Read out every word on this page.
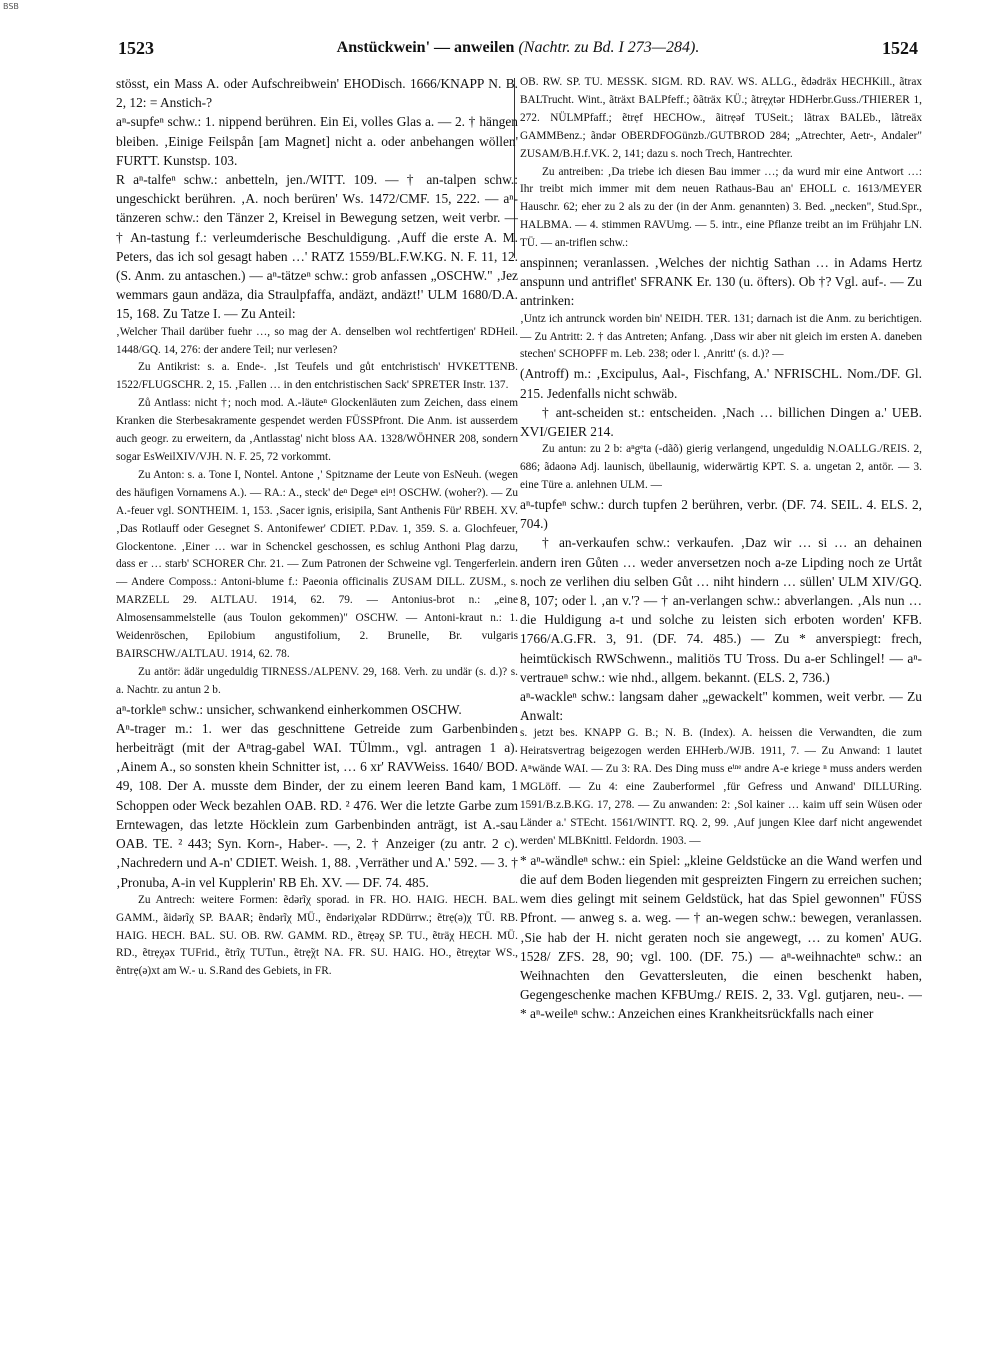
BSB
1523	Anstückwein' — anweilen (Nachtr. zu Bd. I 273—284).	1524

stösst, ein Mass A. oder Aufschreibwein' EHODisch. 1666/KNAPP N. B. 2, 12: = Anstich-?

aⁿ-supfeⁿ schw.: 1. nippend berühren. Ein Ei, volles Glas a. — 2. † hängen bleiben. ‚Einige Feilspån [am Magnet] nicht a. oder anbehangen wöllen' FURTT. Kunstsp. 103.

R aⁿ-talfeⁿ schw.: anbetteln, jen./WITT. 109. — † an-talpen schw.: ungeschickt berühren. ‚A. noch berüren' Ws. 1472/CMF. 15, 222. — aⁿ-tänzeren schw.: den Tänzer 2, Kreisel in Bewegung setzen, weit verbr. — † An-tastung f.: verleumderische Beschuldigung. ‚Auff die erste A. M. Peters, das ich sol gesagt haben …' RATZ 1559/BL.F.W.KG. N. F. 11, 12. (S. Anm. zu antaschen.) — aⁿ-tätzeⁿ schw.: grob anfassen „OSCHW." ‚Jez wemmars gaun andäza, dia Straulpfaffa, andäzt, andäzt!' ULM 1680/D.A. 15, 168. Zu Tatze I. — Zu Anteil:

‚Welcher Thail darüber fuehr …, so mag der A. denselben wol rechtfertigen' RDHeil. 1448/GQ. 14, 276: der andere Teil; nur verlesen?

Zu Antikrist: s. a. Ende-. ‚Ist Teufels und gůt entchristisch' HVKETTENB. 1522/FLUGSCHR. 2, 15. ‚Fallen … in den entchristischen Sack' SPRETER Instr. 137.

Zů Antlass: nicht †; noch mod. A.-läuteⁿ Glockenläuten zum Zeichen, dass einem Kranken die Sterbesakramente gespendet werden FÜSSPfront. Die Anm. ist ausserdem auch geogr. zu erweitern, da ‚Antlasstag' nicht bloss AA. 1328/WÖHNER 208, sondern sogar EsWeilXIV/VJH. N. F. 25, 72 vorkommt.

Zu Anton: s. a. Tone I, Nontel. Antone ‚' Spitzname der Leute von EsNeuh. (wegen des häufigen Vornamens A.). — RA.: A., steck' deⁿ Degeⁿ eiⁿ! OSCHW. (woher?). — Zu A.-feuer vgl. SONTHEIM. 1, 153. ‚Sacer ignis, erisipila, Sant Anthenis Für' RBEH. XV. ‚Das Rotlauff oder Gesegnet S. Antonifewer' CDIET. P.Dav. 1, 359. S. a. Glochfeuer, Glockentone. ‚Einer … war in Schenckel geschossen, es schlug Anthoni Plag darzu, dass er … starb' SCHORER Chr. 21. — Zum Patronen der Schweine vgl. Tengerferlein. — Andere Composs.: Antoni-blume f.: Paeonia officinalis ZUSAM DILL. ZUSM., s. MARZELL 29. ALTLAU. 1914, 62. 79. — Antonius-brot n.: „eine Almosensammelstelle (aus Toulon gekommen)" OSCHW. — Antoni-kraut n.: 1. Weidenröschen, Epilobium angustifolium, 2. Brunelle, Br. vulgaris BAIRSCHW./ALTLAU. 1914, 62. 78.

Zu antör: ädär ungeduldig TIRNESS./ALPENV. 29, 168. Verh. zu undär (s. d.)? s. a. Nachtr. zu antun 2 b.

aⁿ-torkleⁿ schw.: unsicher, schwankend einherkommen OSCHW.

Aⁿ-trager m.: 1. wer das geschnittene Getreide zum Garbenbinden herbeiträgt (mit der Aⁿtrag-gabel WAI. TÜlmm., vgl. antragen 1 a). ‚Ainem A., so sonsten khein Schnitter ist, … 6 xr' RAVWeiss. 1640/ BOD. 49, 108. Der A. musste dem Binder, der zu einem leeren Band kam, 1 Schoppen oder Weck bezahlen OAB. RD. ² 476. Wer die letzte Garbe zum Erntewagen, das letzte Höcklein zum Garbenbinden anträgt, ist A.-sau OAB. TE. ² 443; Syn. Korn-, Haber-. —, 2. † Anzeiger (zu antr. 2 c). ‚Nachredern und A-n' CDIET. Weish. 1, 88. ‚Verräther und A.' 592. — 3. † ‚Pronuba, A-in vel Kupplerin' RB Eh. XV. — DF. 74. 485.

Zu Antrech: weitere Formen: ẽdərĩχ sporad. in FR. HO. HAIG. HECH. BAL. GAMM., ãidərĩχ SP. BAAR; ẽndərĩχ MÜ., ẽndəriχələr RDDürrw.; ẽtrẹ(ə)χ TÜ. RB. HAIG. HECH. BAL. SU. OB. RW. GAMM. RD., ẽtrẹəχ SP. TU., ẽträχ HECH. MÜ. RD., ẽtrẹχəx TUFrid., ẽtrĩχ TUTun., ẽtrẹ̃χt NA. FR. SU. HAIG. HO., ẽtrẹχtər WS., ẽntrẹ(ə)xt am W.- u. S.Rand des Gebiets, in FR.

OB. RW. SP. TU. MESSK. SIGM. RD. RAV. WS. ALLG., ẽdədräx HECHKill., ãtrax BALTrucht. Wint., ãträxt BALPfeff.; õãträx KÜ.; ãtrẹχtər HDHerbr.Guss./THIERER 1, 272. NÜLMPfaff.; ẽtrẹf HECHOw., ãitrẹəf TUSeit.; lãtrax BALEb., lãtreäx GAMMBenz.; ãndər OBERDFOGünzb./GUTBROD 284; „Atrechter, Aetr-, Andaler" ZUSAM/B.H.f.VK. 2, 141; dazu s. noch Trech, Hantrechter.

Zu antreiben: ‚Da triebe ich diesen Bau immer …; da wurd mir eine Antwort …: Ihr treibt mich immer mit dem neuen Rathaus-Bau an' EHOLL c. 1613/MEYER Hauschr. 62; eher zu 2 als zu der (in der Anm. genannten) 3. Bed. „necken", Stud.Spr., HALBMA. — 4. stimmen RAVUmg. — 5. intr., eine Pflanze treibt an im Frühjahr LN. TÜ. — an-triflen schw.:

anspinnen; veranlassen. ‚Welches der nichtig Sathan … in Adams Hertz anspunn und antriflet' SFRANK Er. 130 (u. öfters). Ob †? Vgl. auf-. — Zu antrinken:

‚Untz ich antrunck worden bin' NEIDH. TER. 131; darnach ist die Anm. zu berichtigen. — Zu Antritt: 2. † das Antreten; Anfang. ‚Dass wir aber nit gleich im ersten A. daneben stechen' SCHOPFF m. Leb. 238; oder l. ‚Anritt' (s. d.)? —

(Antroff) m.: ‚Excipulus, Aal-, Fischfang, A.' NFRISCHL. Nom./DF. Gl. 215. Jedenfalls nicht schwäb.

† ant-scheiden st.: entscheiden. ‚Nach … billichen Dingen a.' UEB. XVI/GEIER 214.

Zu antun: zu 2 b: aⁿgᵉta (-dãõ) gierig verlangend, ungeduldig N.OALLG./REIS. 2, 686; ãdaonə Adj. launisch, übellaunig, widerwärtig KPT. S. a. ungetan 2, antör. — 3. eine Türe a. anlehnen ULM. —

aⁿ-tupfeⁿ schw.: durch tupfen 2 berühren, verbr. (DF. 74. SEIL. 4. ELS. 2, 704.)

† an-verkaufen schw.: verkaufen. ‚Daz wir … si … an dehainen andern iren Gůten … weder anversetzen noch a-ze Lipding noch ze Urtåt noch ze verlihen diu selben Gůt … niht hindern … süllen' ULM XIV/GQ. 8, 107; oder l. ‚an v.'? — † an-verlangen schw.: abverlangen. ‚Als nun … die Huldigung a-t und solche zu leisten sich erboten worden' KFB. 1766/A.G.FR. 3, 91. (DF. 74. 485.) — Zu * anverspiegt: frech, heimtückisch RWSchwenn., malitiös TU Tross. Du a-er Schlingel! — aⁿ-vertraueⁿ schw.: wie nhd., allgem. bekannt. (ELS. 2, 736.)

aⁿ-wackleⁿ schw.: langsam daher „gewackelt" kommen, weit verbr. — Zu Anwalt:

s. jetzt bes. KNAPP G. B.; N. B. (Index). A. heissen die Verwandten, die zum Heiratsvertrag beigezogen werden EHHerb./WJB. 1911, 7. — Zu Anwand: 1 lautet Aⁿwände WAI. — Zu 3: RA. Des Ding muss eⁱⁿᵉ andre A-e kriege ⁿ muss anders werden MGLöff. — Zu 4: eine Zauberformel ‚für Gefress und Anwand' DILLURing. 1591/B.z.B.KG. 17, 278. — Zu anwanden: 2: ‚Sol kainer … kaim uff sein Wüsen oder Länder a.' STEcht. 1561/WINTT. RQ. 2, 99. ‚Auf jungen Klee darf nicht angewendet werden' MLBKnittl. Feldordn. 1903. —

* aⁿ-wändleⁿ schw.: ein Spiel: „kleine Geldstücke an die Wand werfen und die auf dem Boden liegenden mit gespreizten Fingern zu erreichen suchen; wem dies gelingt mit seinem Geldstück, hat das Spiel gewonnen" FÜSS Pfront. — anweg s. a. weg. — † an-wegen schw.: bewegen, veranlassen. ‚Sie hab der H. nicht geraten noch sie angewegt, … zu komen' AUG. 1528/ ZFS. 28, 90; vgl. 100. (DF. 75.) — aⁿ-weihnachteⁿ schw.: an Weihnachten den Gevattersleuten, die einen beschenkt haben, Gegengeschenke machen KFBUmg./ REIS. 2, 33. Vgl. gutjaren, neu-. — * aⁿ-weileⁿ schw.: Anzeichen eines Krankheitsrückfalls nach einer
